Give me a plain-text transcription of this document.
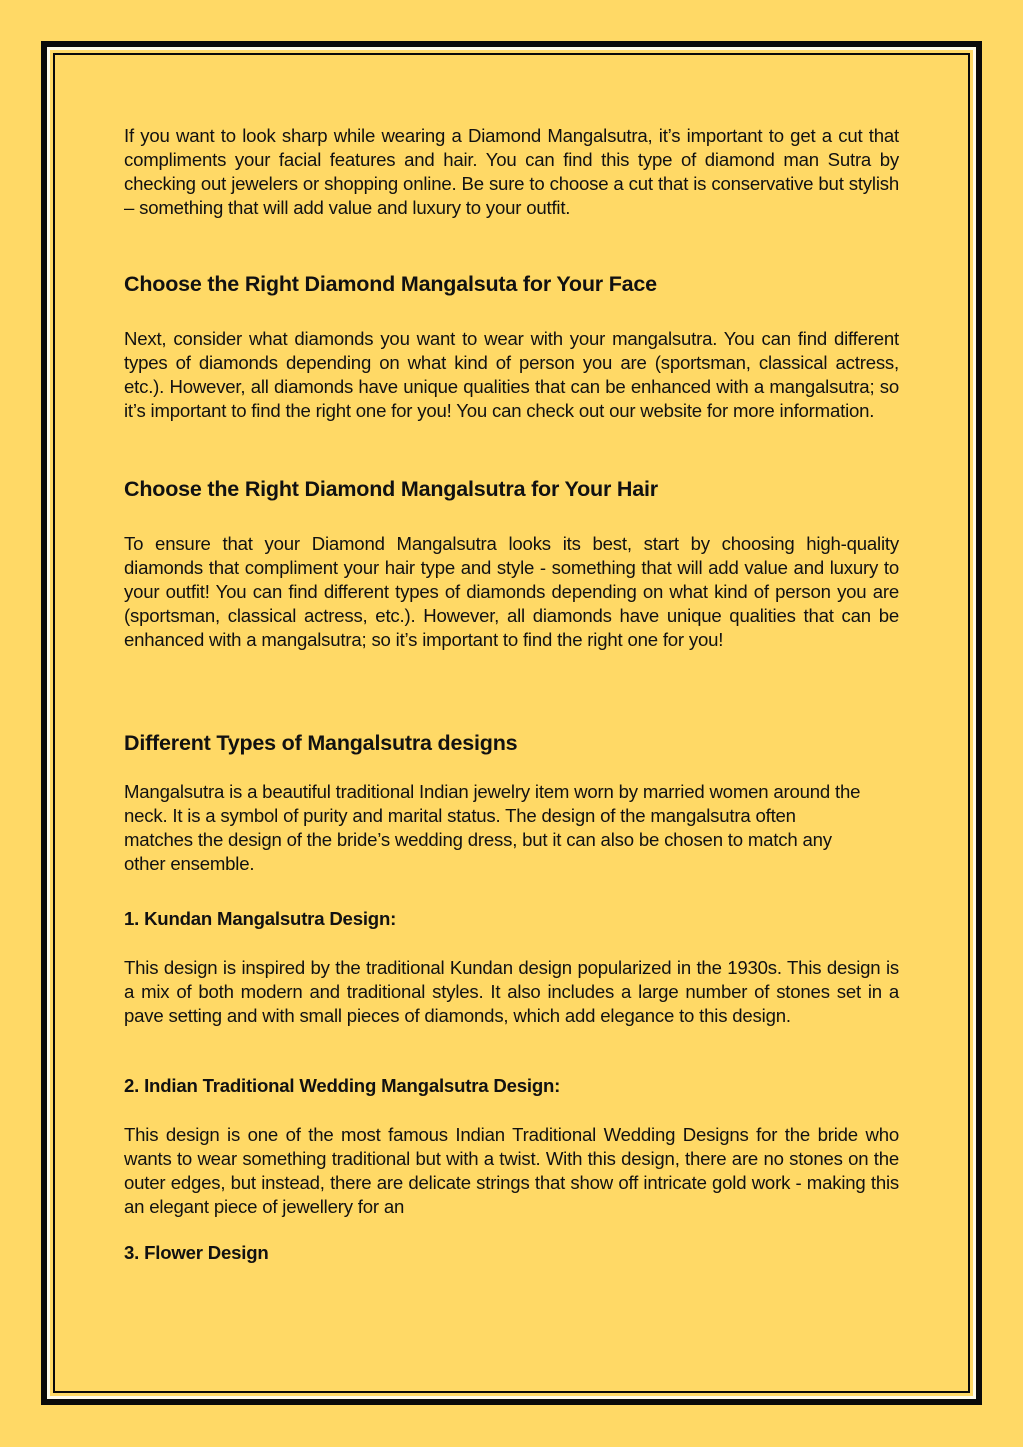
If you want to look sharp while wearing a Diamond Mangalsutra, it’s important to get a cut that compliments your facial features and hair. You can find this type of diamond man Sutra by checking out jewelers or shopping online. Be sure to choose a cut that is conservative but stylish – something that will add value and luxury to your outfit.

Choose the Right Diamond Mangalsuta for Your Face

Next, consider what diamonds you want to wear with your mangalsutra. You can find different types of diamonds depending on what kind of person you are (sportsman, classical actress, etc.). However, all diamonds have unique qualities that can be enhanced with a mangalsutra; so it’s important to find the right one for you! You can check out our website for more information.

Choose the Right Diamond Mangalsutra for Your Hair

To ensure that your Diamond Mangalsutra looks its best, start by choosing high-quality diamonds that compliment your hair type and style - something that will add value and luxury to your outfit! You can find different types of diamonds depending on what kind of person you are (sportsman, classical actress, etc.). However, all diamonds have unique qualities that can be enhanced with a mangalsutra; so it’s important to find the right one for you!

Different Types of Mangalsutra designs

Mangalsutra is a beautiful traditional Indian jewelry item worn by married women around the neck. It is a symbol of purity and marital status. The design of the mangalsutra often matches the design of the bride’s wedding dress, but it can also be chosen to match any other ensemble.

1. Kundan Mangalsutra Design:

This design is inspired by the traditional Kundan design popularized in the 1930s. This design is a mix of both modern and traditional styles. It also includes a large number of stones set in a pave setting and with small pieces of diamonds, which add elegance to this design.

2. Indian Traditional Wedding Mangalsutra Design:

This design is one of the most famous Indian Traditional Wedding Designs for the bride who wants to wear something traditional but with a twist. With this design, there are no stones on the outer edges, but instead, there are delicate strings that show off intricate gold work - making this an elegant piece of jewellery for an

3. Flower Design
